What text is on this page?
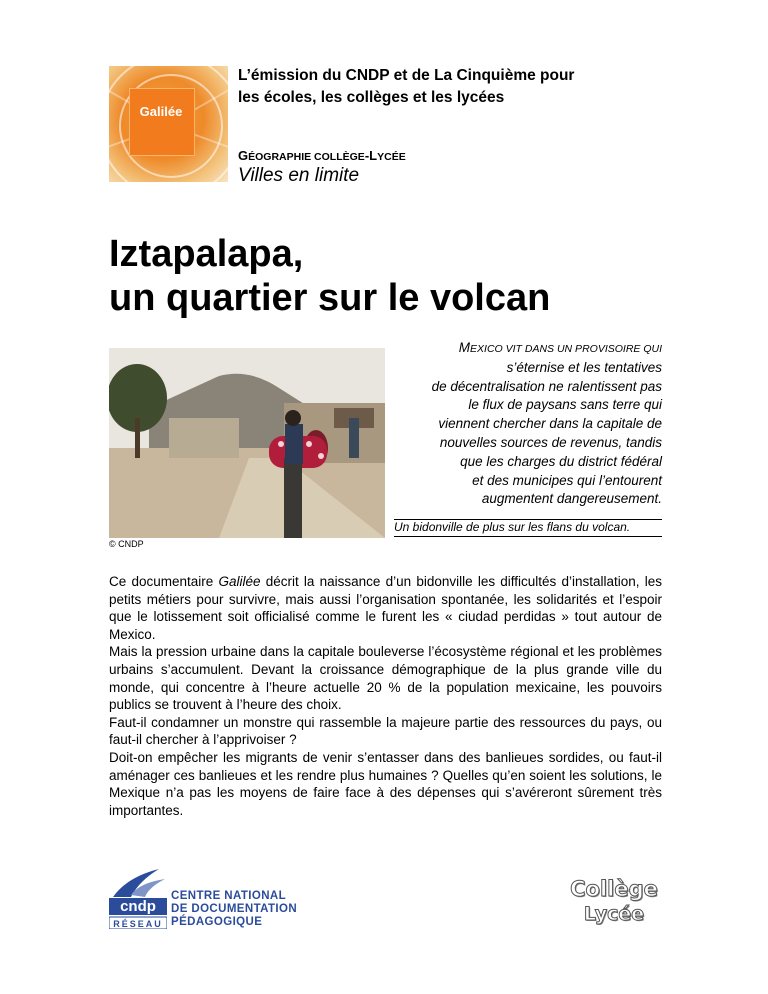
Galilée
L’émission du CNDP et de La Cinquième pour
les écoles, les collèges et les lycées
GÉOGRAPHIE COLLÈGE-LYCÉE
Villes en limite
Iztapalapa,
un quartier sur le volcan
© CNDP
MEXICO VIT DANS UN PROVISOIRE QUI
s’éternise et les tentatives
de décentralisation ne ralentissent pas
le flux de paysans sans terre qui
viennent chercher dans la capitale de
nouvelles sources de revenus, tandis
que les charges du district fédéral
et des municipes qui l’entourent
augmentent dangereusement.
Un bidonville de plus sur les flans du volcan.

Ce documentaire Galilée décrit la naissance d’un bidonville les difficultés d’installation, les petits métiers pour survivre, mais aussi l’organisation spontanée, les solidarités et l’espoir que le lotissement soit officialisé comme le furent les « ciudad perdidas » tout autour de Mexico.

Mais la pression urbaine dans la capitale bouleverse l’écosystème régional et les problèmes urbains s’accumulent. Devant la croissance démographique de la plus grande ville du monde, qui concentre à l’heure actuelle 20 % de la population mexicaine, les pouvoirs publics se trouvent à l’heure des choix.

Faut-il condamner un monstre qui rassemble la majeure partie des ressources du pays, ou faut-il chercher à l’apprivoiser ?

Doit-on empêcher les migrants de venir s’entasser dans des banlieues sordides, ou faut-il aménager ces banlieues et les rendre plus humaines ? Quelles qu’en soient les solutions, le Mexique n’a pas les moyens de faire face à des dépenses qui s’avéreront sûrement très importantes.

cndp
RÉSEAU
CENTRE NATIONAL
DE DOCUMENTATION
PÉDAGOGIQUE
Collège
Lycée
